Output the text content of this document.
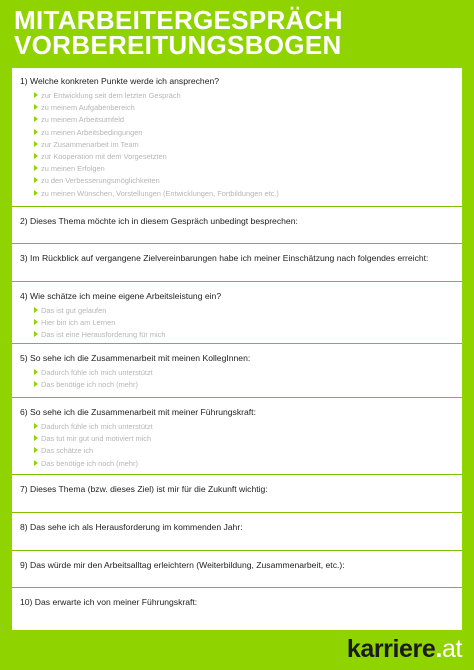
MITARBEITERGESPRÄCH
VORBEREITUNGSBOGEN
1) Welche konkreten Punkte werde ich ansprechen?
zur Entwicklung seit dem letzten Gespräch
zu meinem Aufgabenbereich
zu meinem Arbeitsumfeld
zu meinen Arbeitsbedingungen
zur Zusammenarbeit im Team
zur Kooperation mit dem Vorgesetzten
zu meinen Erfolgen
zu den Verbesserungsmöglichkeiten
zu meinen Wünschen, Vorstellungen (Entwicklungen, Fortbildungen etc.)
2) Dieses Thema möchte ich in diesem Gespräch unbedingt besprechen:
3) Im Rückblick auf vergangene Zielvereinbarungen habe ich meiner Einschätzung nach folgendes erreicht:
4) Wie schätze ich meine eigene Arbeitsleistung ein?
Das ist gut gelaufen
Hier bin ich am Lernen
Das ist eine Herausforderung für mich
5) So sehe ich die Zusammenarbeit mit meinen KollegInnen:
Dadurch fühle ich mich unterstützt
Das benötige ich noch (mehr)
6) So sehe ich die Zusammenarbeit mit meiner Führungskraft:
Dadurch fühle ich mich unterstützt
Das tut mir gut und motiviert mich
Das schätze ich
Das benötige ich noch (mehr)
7) Dieses Thema (bzw. dieses Ziel) ist mir für die Zukunft wichtig:
8) Das sehe ich als Herausforderung im kommenden Jahr:
9) Das würde mir den Arbeitsalltag erleichtern (Weiterbildung, Zusammenarbeit, etc.):
10) Das erwarte ich von meiner Führungskraft:
karriere.at
